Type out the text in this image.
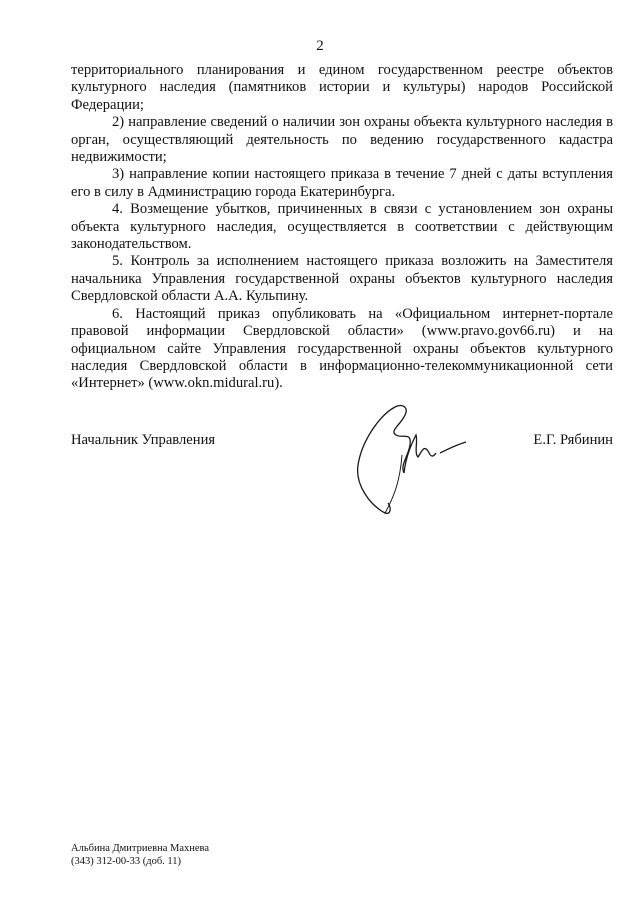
2

территориального планирования и едином государственном реестре объектов культурного наследия (памятников истории и культуры) народов Российской Федерации;

2) направление сведений о наличии зон охраны объекта культурного наследия в орган, осуществляющий деятельность по ведению государственного кадастра недвижимости;

3) направление копии настоящего приказа в течение 7 дней с даты вступления его в силу в Администрацию города Екатеринбурга.

4. Возмещение убытков, причиненных в связи с установлением зон охраны объекта культурного наследия, осуществляется в соответствии с действующим законодательством.

5. Контроль за исполнением настоящего приказа возложить на Заместителя начальника Управления государственной охраны объектов культурного наследия Свердловской области А.А. Кульпину.

6. Настоящий приказ опубликовать на «Официальном интернет-портале правовой информации Свердловской области» (www.pravo.gov66.ru) и на официальном сайте Управления государственной охраны объектов культурного наследия Свердловской области в информационно-телекоммуникационной сети «Интернет» (www.okn.midural.ru).

Начальник Управления	Е.Г. Рябинин
Альбина Дмитриевна Махнева
(343) 312-00-33 (доб. 11)
